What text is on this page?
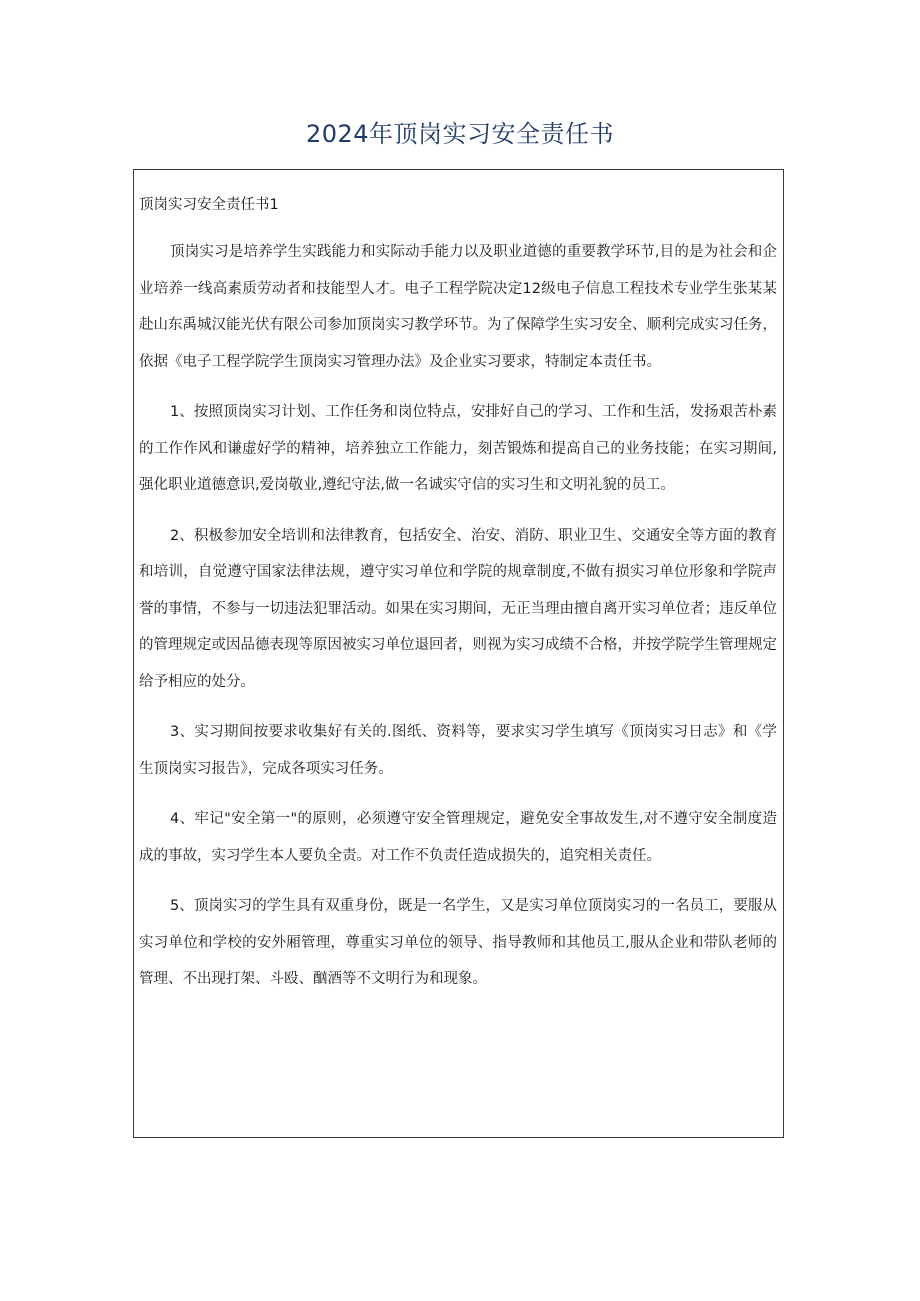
2024年顶岗实习安全责任书
顶岗实习安全责任书1

顶岗实习是培养学生实践能力和实际动手能力以及职业道德的重要教学环节,目的是为社会和企业培养一线高素质劳动者和技能型人才。电子工程学院决定12级电子信息工程技术专业学生张某某赴山东禹城汉能光伏有限公司参加顶岗实习教学环节。为了保障学生实习安全、顺利完成实习任务，依据《电子工程学院学生顶岗实习管理办法》及企业实习要求，特制定本责任书。

1、按照顶岗实习计划、工作任务和岗位特点，安排好自己的学习、工作和生活，发扬艰苦朴素的工作作风和谦虚好学的精神，培养独立工作能力，刻苦锻炼和提高自己的业务技能；在实习期间,强化职业道德意识,爱岗敬业,遵纪守法,做一名诚实守信的实习生和文明礼貌的员工。

2、积极参加安全培训和法律教育，包括安全、治安、消防、职业卫生、交通安全等方面的教育和培训，自觉遵守国家法律法规，遵守实习单位和学院的规章制度,不做有损实习单位形象和学院声誉的事情，不参与一切违法犯罪活动。如果在实习期间，无正当理由擅自离开实习单位者；违反单位的管理规定或因品德表现等原因被实习单位退回者，则视为实习成绩不合格，并按学院学生管理规定给予相应的处分。

3、实习期间按要求收集好有关的.图纸、资料等，要求实习学生填写《顶岗实习日志》和《学生顶岗实习报告》，完成各项实习任务。

4、牢记"安全第一"的原则，必须遵守安全管理规定，避免安全事故发生,对不遵守安全制度造成的事故，实习学生本人要负全责。对工作不负责任造成损失的，追究相关责任。

5、顶岗实习的学生具有双重身份，既是一名学生，又是实习单位顶岗实习的一名员工，要服从实习单位和学校的安外厢管理，尊重实习单位的领导、指导教师和其他员工,服从企业和带队老师的管理、不出现打架、斗殴、酗酒等不文明行为和现象。
